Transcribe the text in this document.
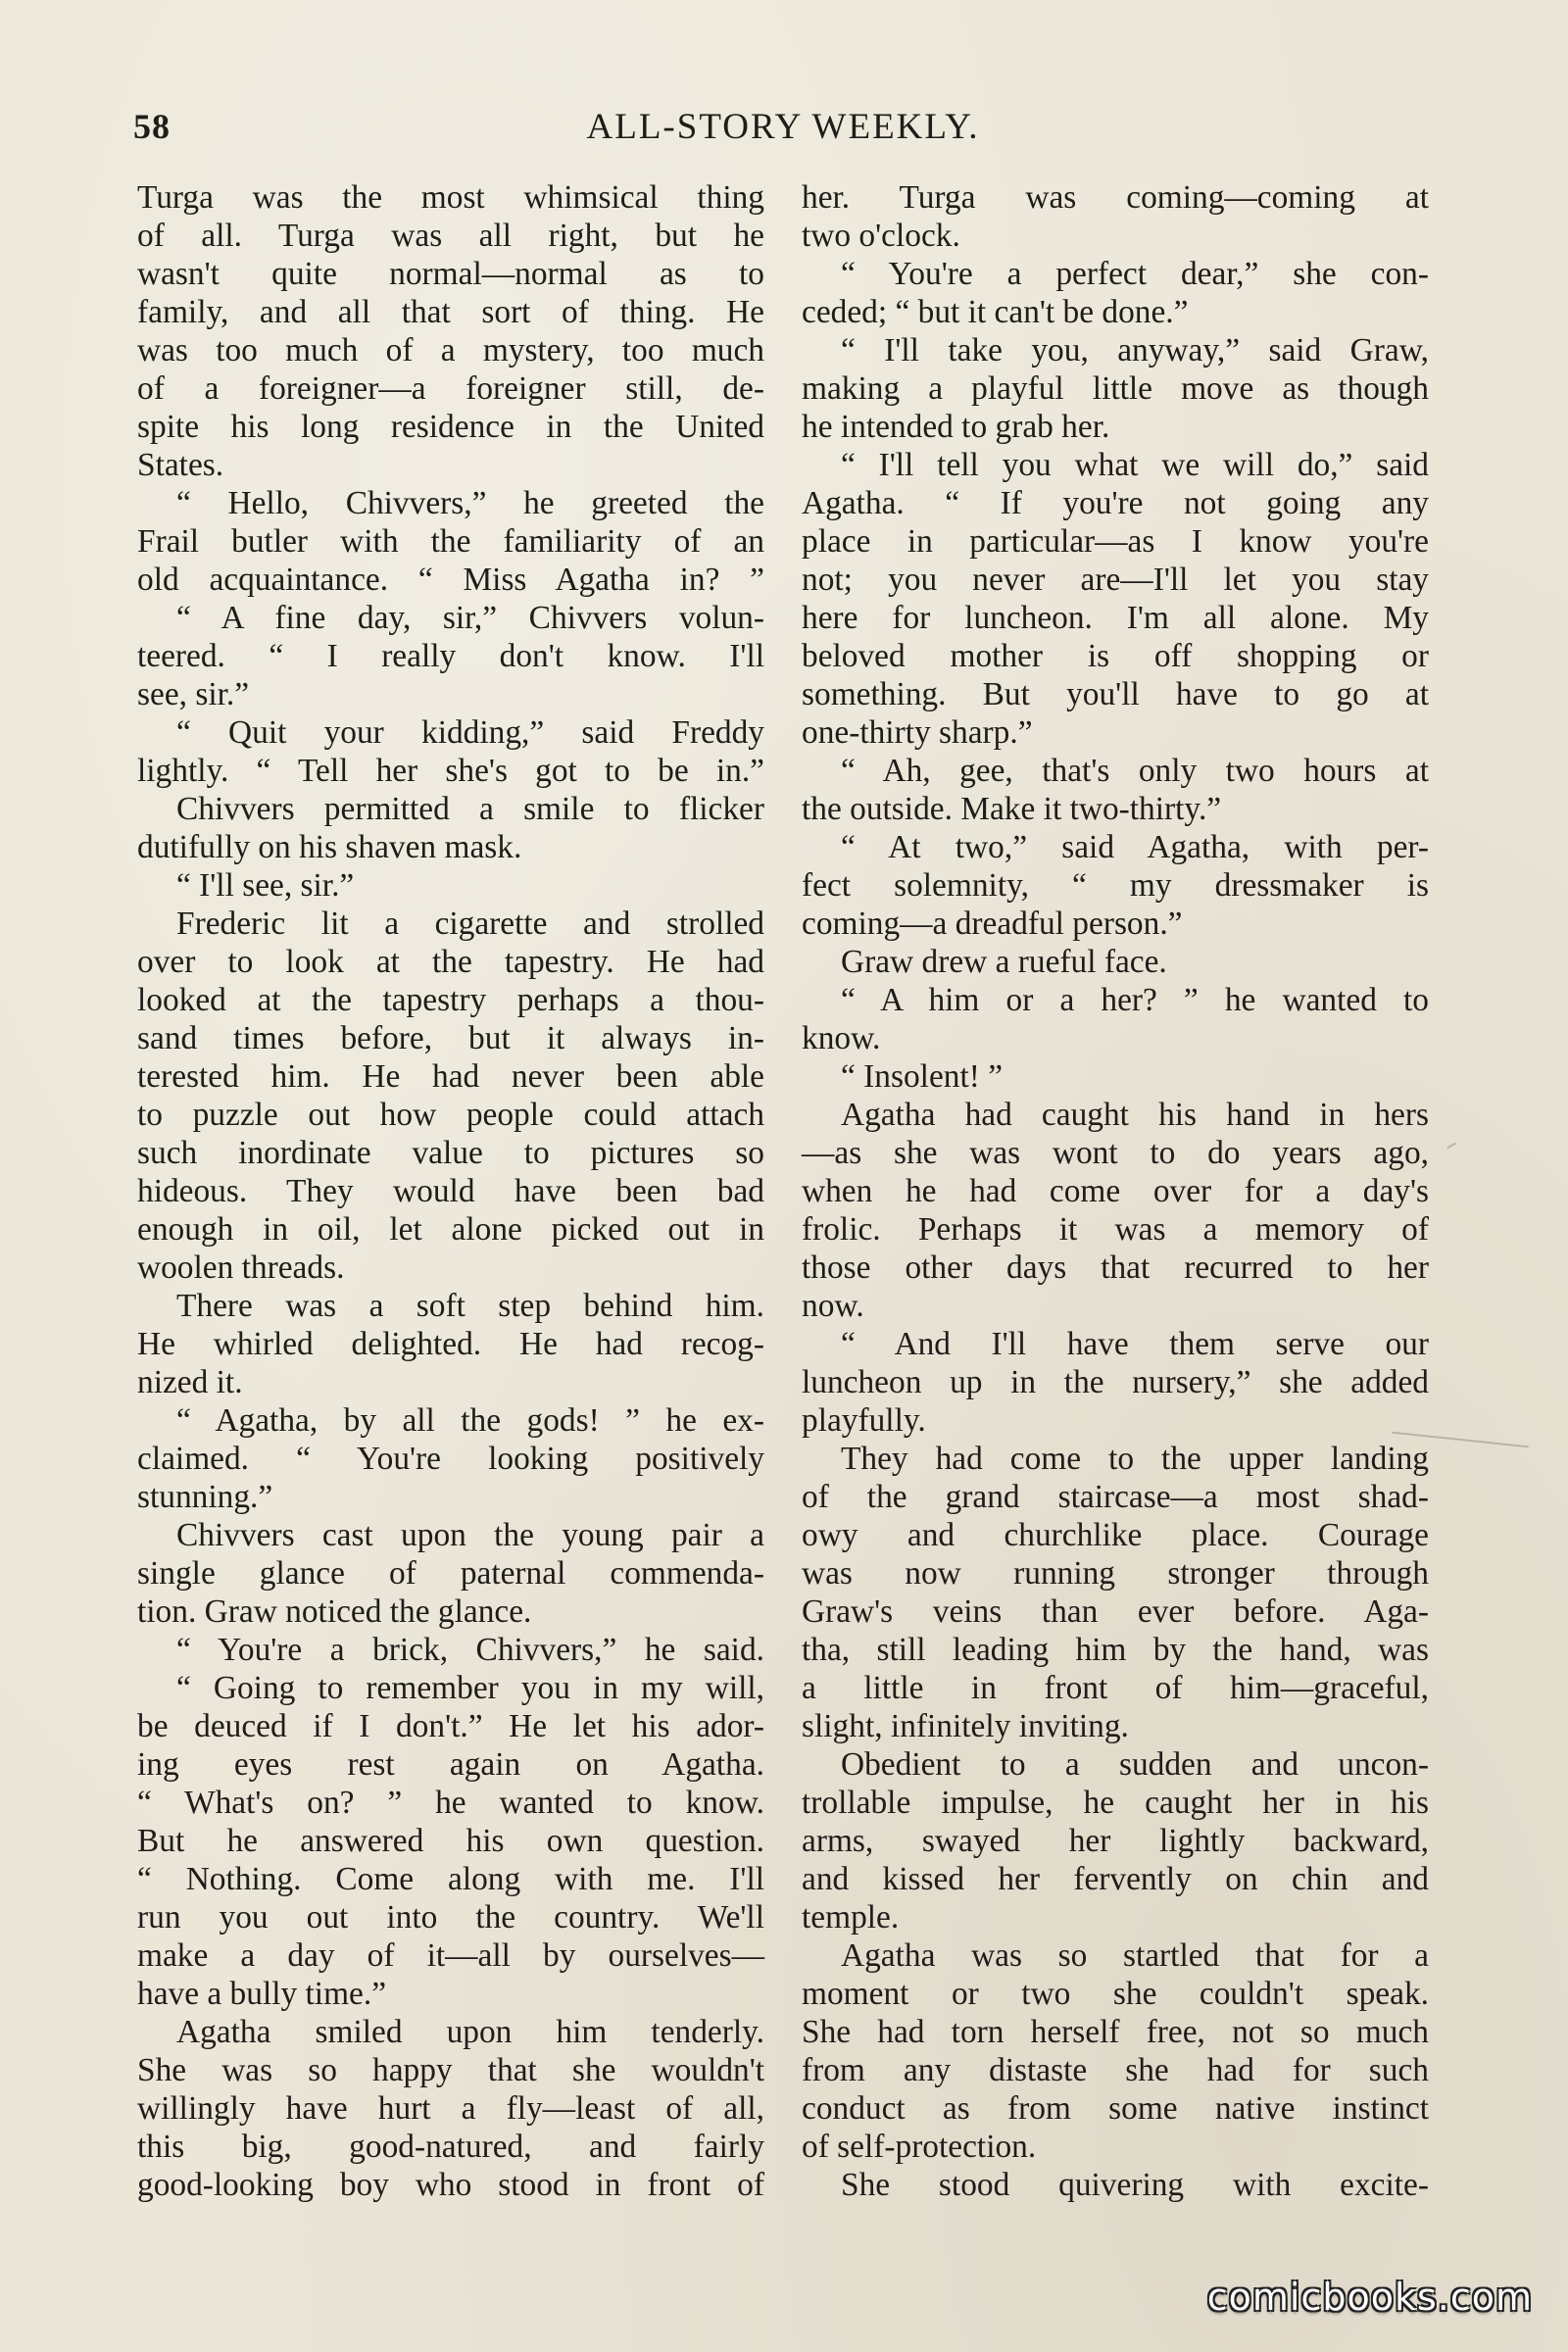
58	ALL-STORY WEEKLY.
Turga was the most whimsical thing
of all. Turga was all right, but he
wasn't quite normal—normal as to
family, and all that sort of thing. He
was too much of a mystery, too much
of a foreigner—a foreigner still, de-
spite his long residence in the United
States.
“ Hello, Chivvers,” he greeted the
Frail butler with the familiarity of an
old acquaintance. “ Miss Agatha in? ”
“ A fine day, sir,” Chivvers volun-
teered. “ I really don't know. I'll
see, sir.”
“ Quit your kidding,” said Freddy
lightly. “ Tell her she's got to be in.”
Chivvers permitted a smile to flicker
dutifully on his shaven mask.
“ I'll see, sir.”
Frederic lit a cigarette and strolled
over to look at the tapestry. He had
looked at the tapestry perhaps a thou-
sand times before, but it always in-
terested him. He had never been able
to puzzle out how people could attach
such inordinate value to pictures so
hideous. They would have been bad
enough in oil, let alone picked out in
woolen threads.
There was a soft step behind him.
He whirled delighted. He had recog-
nized it.
“ Agatha, by all the gods! ” he ex-
claimed. “ You're looking positively
stunning.”
Chivvers cast upon the young pair a
single glance of paternal commenda-
tion. Graw noticed the glance.
“ You're a brick, Chivvers,” he said.
“ Going to remember you in my will,
be deuced if I don't.” He let his ador-
ing eyes rest again on Agatha.
“ What's on? ” he wanted to know.
But he answered his own question.
“ Nothing. Come along with me. I'll
run you out into the country. We'll
make a day of it—all by ourselves—
have a bully time.”
Agatha smiled upon him tenderly.
She was so happy that she wouldn't
willingly have hurt a fly—least of all,
this big, good-natured, and fairly
good-looking boy who stood in front of
her. Turga was coming—coming at
two o'clock.
“ You're a perfect dear,” she con-
ceded; “ but it can't be done.”
“ I'll take you, anyway,” said Graw,
making a playful little move as though
he intended to grab her.
“ I'll tell you what we will do,” said
Agatha. “ If you're not going any
place in particular—as I know you're
not; you never are—I'll let you stay
here for luncheon. I'm all alone. My
beloved mother is off shopping or
something. But you'll have to go at
one-thirty sharp.”
“ Ah, gee, that's only two hours at
the outside. Make it two-thirty.”
“ At two,” said Agatha, with per-
fect solemnity, “ my dressmaker is
coming—a dreadful person.”
Graw drew a rueful face.
“ A him or a her? ” he wanted to
know.
“ Insolent! ”
Agatha had caught his hand in hers
—as she was wont to do years ago,
when he had come over for a day's
frolic. Perhaps it was a memory of
those other days that recurred to her
now.
“ And I'll have them serve our
luncheon up in the nursery,” she added
playfully.
They had come to the upper landing
of the grand staircase—a most shad-
owy and churchlike place. Courage
was now running stronger through
Graw's veins than ever before. Aga-
tha, still leading him by the hand, was
a little in front of him—graceful,
slight, infinitely inviting.
Obedient to a sudden and uncon-
trollable impulse, he caught her in his
arms, swayed her lightly backward,
and kissed her fervently on chin and
temple.
Agatha was so startled that for a
moment or two she couldn't speak.
She had torn herself free, not so much
from any distaste she had for such
conduct as from some native instinct
of self-protection.
She stood quivering with excite-
comicbooks.com
